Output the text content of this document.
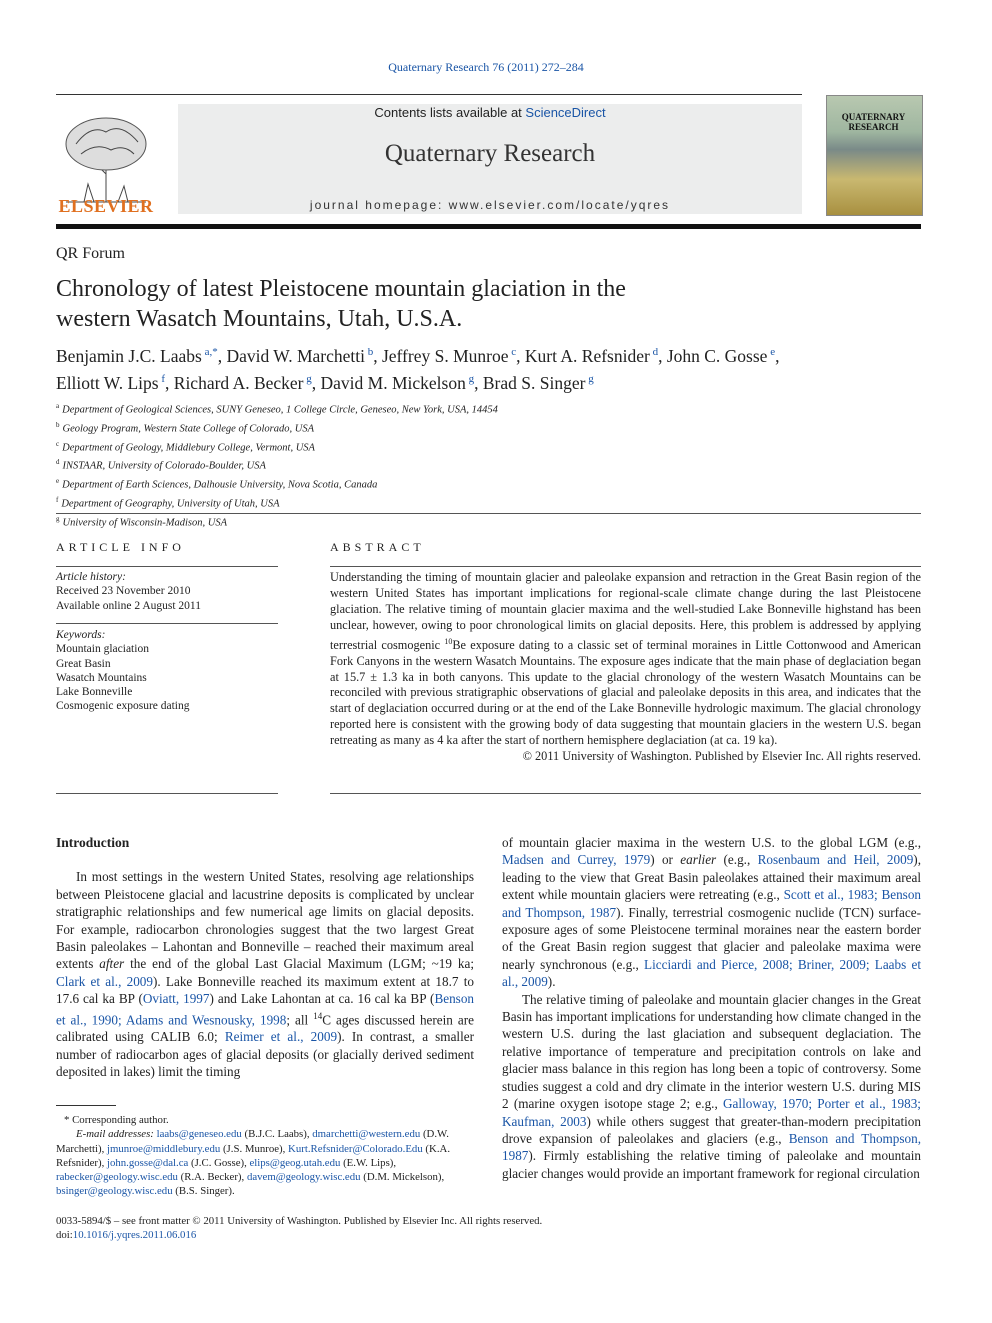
Quaternary Research 76 (2011) 272–284
ELSEVIER
Contents lists available at ScienceDirect
Quaternary Research
journal homepage: www.elsevier.com/locate/yqres
QUATERNARY
RESEARCH
QR Forum
Chronology of latest Pleistocene mountain glaciation in the
western Wasatch Mountains, Utah, U.S.A.
Benjamin J.C. Laabs $^{a,*}$, David W. Marchetti $^b$, Jeffrey S. Munroe $^c$, Kurt A. Refsnider $^d$, John C. Gosse $^e$,
Elliott W. Lips $^f$, Richard A. Becker $^g$, David M. Mickelson $^g$, Brad S. Singer $^g$
$^a$ Department of Geological Sciences, SUNY Geneseo, 1 College Circle, Geneseo, New York, USA, 14454
$^b$ Geology Program, Western State College of Colorado, USA
$^c$ Department of Geology, Middlebury College, Vermont, USA
$^d$ INSTAAR, University of Colorado-Boulder, USA
$^e$ Department of Earth Sciences, Dalhousie University, Nova Scotia, Canada
$^f$ Department of Geography, University of Utah, USA
$^g$ University of Wisconsin-Madison, USA
ARTICLE INFO
Article history:
Received 23 November 2010
Available online 2 August 2011
Keywords:
Mountain glaciation
Great Basin
Wasatch Mountains
Lake Bonneville
Cosmogenic exposure dating
ABSTRACT
Understanding the timing of mountain glacier and paleolake expansion and retraction in the Great Basin region of the western United States has important implications for regional-scale climate change during the last Pleistocene glaciation. The relative timing of mountain glacier maxima and the well-studied Lake Bonneville highstand has been unclear, however, owing to poor chronological limits on glacial deposits. Here, this problem is addressed by applying terrestrial cosmogenic $^{10}$Be exposure dating to a classic set of terminal moraines in Little Cottonwood and American Fork Canyons in the western Wasatch Mountains. The exposure ages indicate that the main phase of deglaciation began at 15.7 ± 1.3 ka in both canyons. This update to the glacial chronology of the western Wasatch Mountains can be reconciled with previous stratigraphic observations of glacial and paleolake deposits in this area, and indicates that the start of deglaciation occurred during or at the end of the Lake Bonneville hydrologic maximum. The glacial chronology reported here is consistent with the growing body of data suggesting that mountain glaciers in the western U.S. began retreating as many as 4 ka after the start of northern hemisphere deglaciation (at ca. 19 ka).
© 2011 University of Washington. Published by Elsevier Inc. All rights reserved.
Introduction

In most settings in the western United States, resolving age relationships between Pleistocene glacial and lacustrine deposits is complicated by unclear stratigraphic relationships and few numerical age limits on glacial deposits. For example, radiocarbon chronologies suggest that the two largest Great Basin paleolakes – Lahontan and Bonneville – reached their maximum areal extents after the end of the global Last Glacial Maximum (LGM; ~19 ka; Clark et al., 2009). Lake Bonneville reached its maximum extent at 18.7 to 17.6 cal ka BP (Oviatt, 1997) and Lake Lahontan at ca. 16 cal ka BP (Benson et al., 1990; Adams and Wesnousky, 1998; all $^{14}$C ages discussed herein are calibrated using CALIB 6.0; Reimer et al., 2009). In contrast, a smaller number of radiocarbon ages of glacial deposits (or glacially derived sediment deposited in lakes) limit the timing

of mountain glacier maxima in the western U.S. to the global LGM (e.g., Madsen and Currey, 1979) or earlier (e.g., Rosenbaum and Heil, 2009), leading to the view that Great Basin paleolakes attained their maximum areal extent while mountain glaciers were retreating (e.g., Scott et al., 1983; Benson and Thompson, 1987). Finally, terrestrial cosmogenic nuclide (TCN) surface-exposure ages of some Pleistocene terminal moraines near the eastern border of the Great Basin region suggest that glacier and paleolake maxima were nearly synchronous (e.g., Licciardi and Pierce, 2008; Briner, 2009; Laabs et al., 2009).

The relative timing of paleolake and mountain glacier changes in the Great Basin has important implications for understanding how climate changed in the western U.S. during the last glaciation and subsequent deglaciation. The relative importance of temperature and precipitation controls on lake and glacier mass balance in this region has long been a topic of controversy. Some studies suggest a cold and dry climate in the interior western U.S. during MIS 2 (marine oxygen isotope stage 2; e.g., Galloway, 1970; Porter et al., 1983; Kaufman, 2003) while others suggest that greater-than-modern precipitation drove expansion of paleolakes and glaciers (e.g., Benson and Thompson, 1987). Firmly establishing the relative timing of paleolake and mountain glacier changes would provide an important framework for regional circulation

* Corresponding author.
E-mail addresses: laabs@geneseo.edu (B.J.C. Laabs), dmarchetti@western.edu (D.W. Marchetti), jmunroe@middlebury.edu (J.S. Munroe), Kurt.Refsnider@Colorado.Edu (K.A. Refsnider), john.gosse@dal.ca (J.C. Gosse), elips@geog.utah.edu (E.W. Lips), rabecker@geology.wisc.edu (R.A. Becker), davem@geology.wisc.edu (D.M. Mickelson), bsinger@geology.wisc.edu (B.S. Singer).
0033-5894/$ – see front matter © 2011 University of Washington. Published by Elsevier Inc. All rights reserved.
doi:10.1016/j.yqres.2011.06.016
